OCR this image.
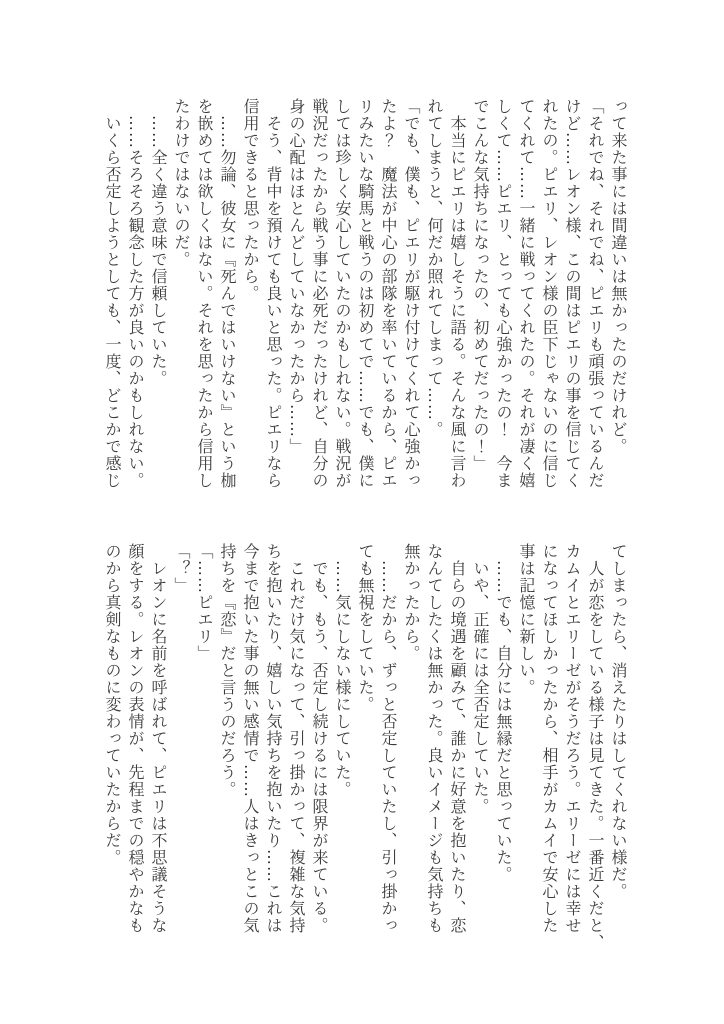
って来た事には間違いは無かったのだけれど。

「それでね、それでね、ピエリも頑張っているんだ

けど……レオン様、この間はピエリの事を信じてく

れたの。ピエリ、レオン様の臣下じゃないのに信じ

てくれて……一緒に戦ってくれたの。それが凄く嬉

しくて……ピエリ、とっても心強かったの！　今ま

でこんな気持ちになったの、初めてだったの！」

　本当にピエリは嬉しそうに語る。そんな風に言わ

れてしまうと、何だか照れてしまって……。

「でも、僕も、ピエリが駆け付けてくれて心強かっ

たよ？　魔法が中心の部隊を率いているから、ピエ

リみたいな騎馬と戦うのは初めてで……でも、僕に

しては珍しく安心していたのかもしれない。戦況が

戦況だったから戦う事に必死だったけれど、自分の

身の心配はほとんどしていなかったから……」

　そう、背中を預けても良いと思った。ピエリなら

信用できると思ったから。

　……勿論、彼女に『死んではいけない』という枷

を嵌めては欲しくはない。それを思ったから信用し

たわけではないのだ。

　……全く違う意味で信頼していた。

　……そろそろ観念した方が良いのかもしれない。

　いくら否定しようとしても、一度、どこかで感じ

てしまったら、消えたりはしてくれない様だ。

　人が恋をしている様子は見てきた。一番近くだと、

カムイとエリーゼがそうだろう。エリーゼには幸せ

になってほしかったから、相手がカムイで安心した

事は記憶に新しい。

　……でも、自分には無縁だと思っていた。

　いや、正確には全否定していた。

　自らの境遇を顧みて、誰かに好意を抱いたり、恋

なんてしたくは無かった。良いイメージも気持ちも

無かったから。

　……だから、ずっと否定していたし、引っ掛かっ

ても無視をしていた。

　……気にしない様にしていた。

　でも、もう、否定し続けるには限界が来ている。

　これだけ気になって、引っ掛かって、複雑な気持

ちを抱いたり、嬉しい気持ちを抱いたり……これは

今まで抱いた事の無い感情で……人はきっとこの気

持ちを『恋』だと言うのだろう。

「……ピエリ」

「？」

　レオンに名前を呼ばれて、ピエリは不思議そうな

顔をする。レオンの表情が、先程までの穏やかなも

のから真剣なものに変わっていたからだ。
